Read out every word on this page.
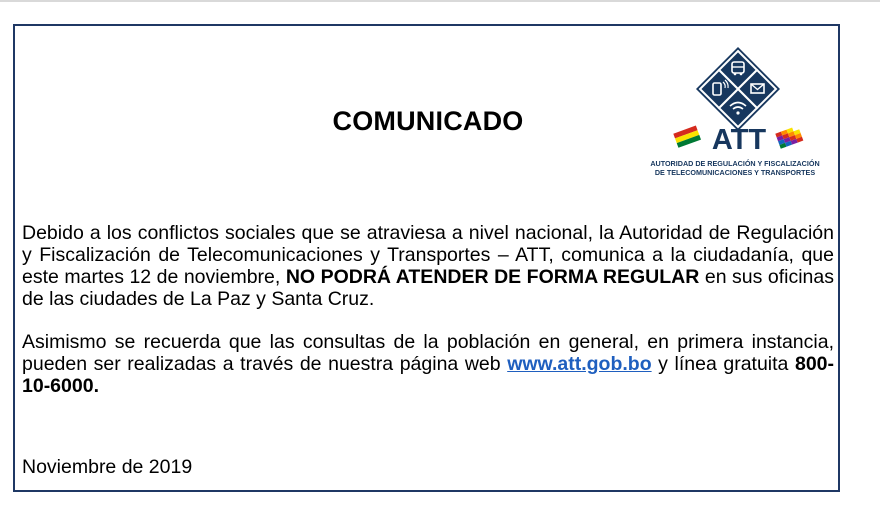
COMUNICADO
ATT
AUTORIDAD DE REGULACIÓN Y FISCALIZACIÓN
DE TELECOMUNICACIONES Y TRANSPORTES
Debido a los conflictos sociales que se atraviesa a nivel nacional, la Autoridad de Regulación y Fiscalización de Telecomunicaciones y Transportes – ATT, comunica a la ciudadanía, que este martes 12 de noviembre, NO PODRÁ ATENDER DE FORMA REGULAR en sus oficinas de las ciudades de La Paz y Santa Cruz.
Asimismo se recuerda que las consultas de la población en general, en primera instancia, pueden ser realizadas a través de nuestra página web www.att.gob.bo y línea gratuita 800-10-6000.
Noviembre de 2019
